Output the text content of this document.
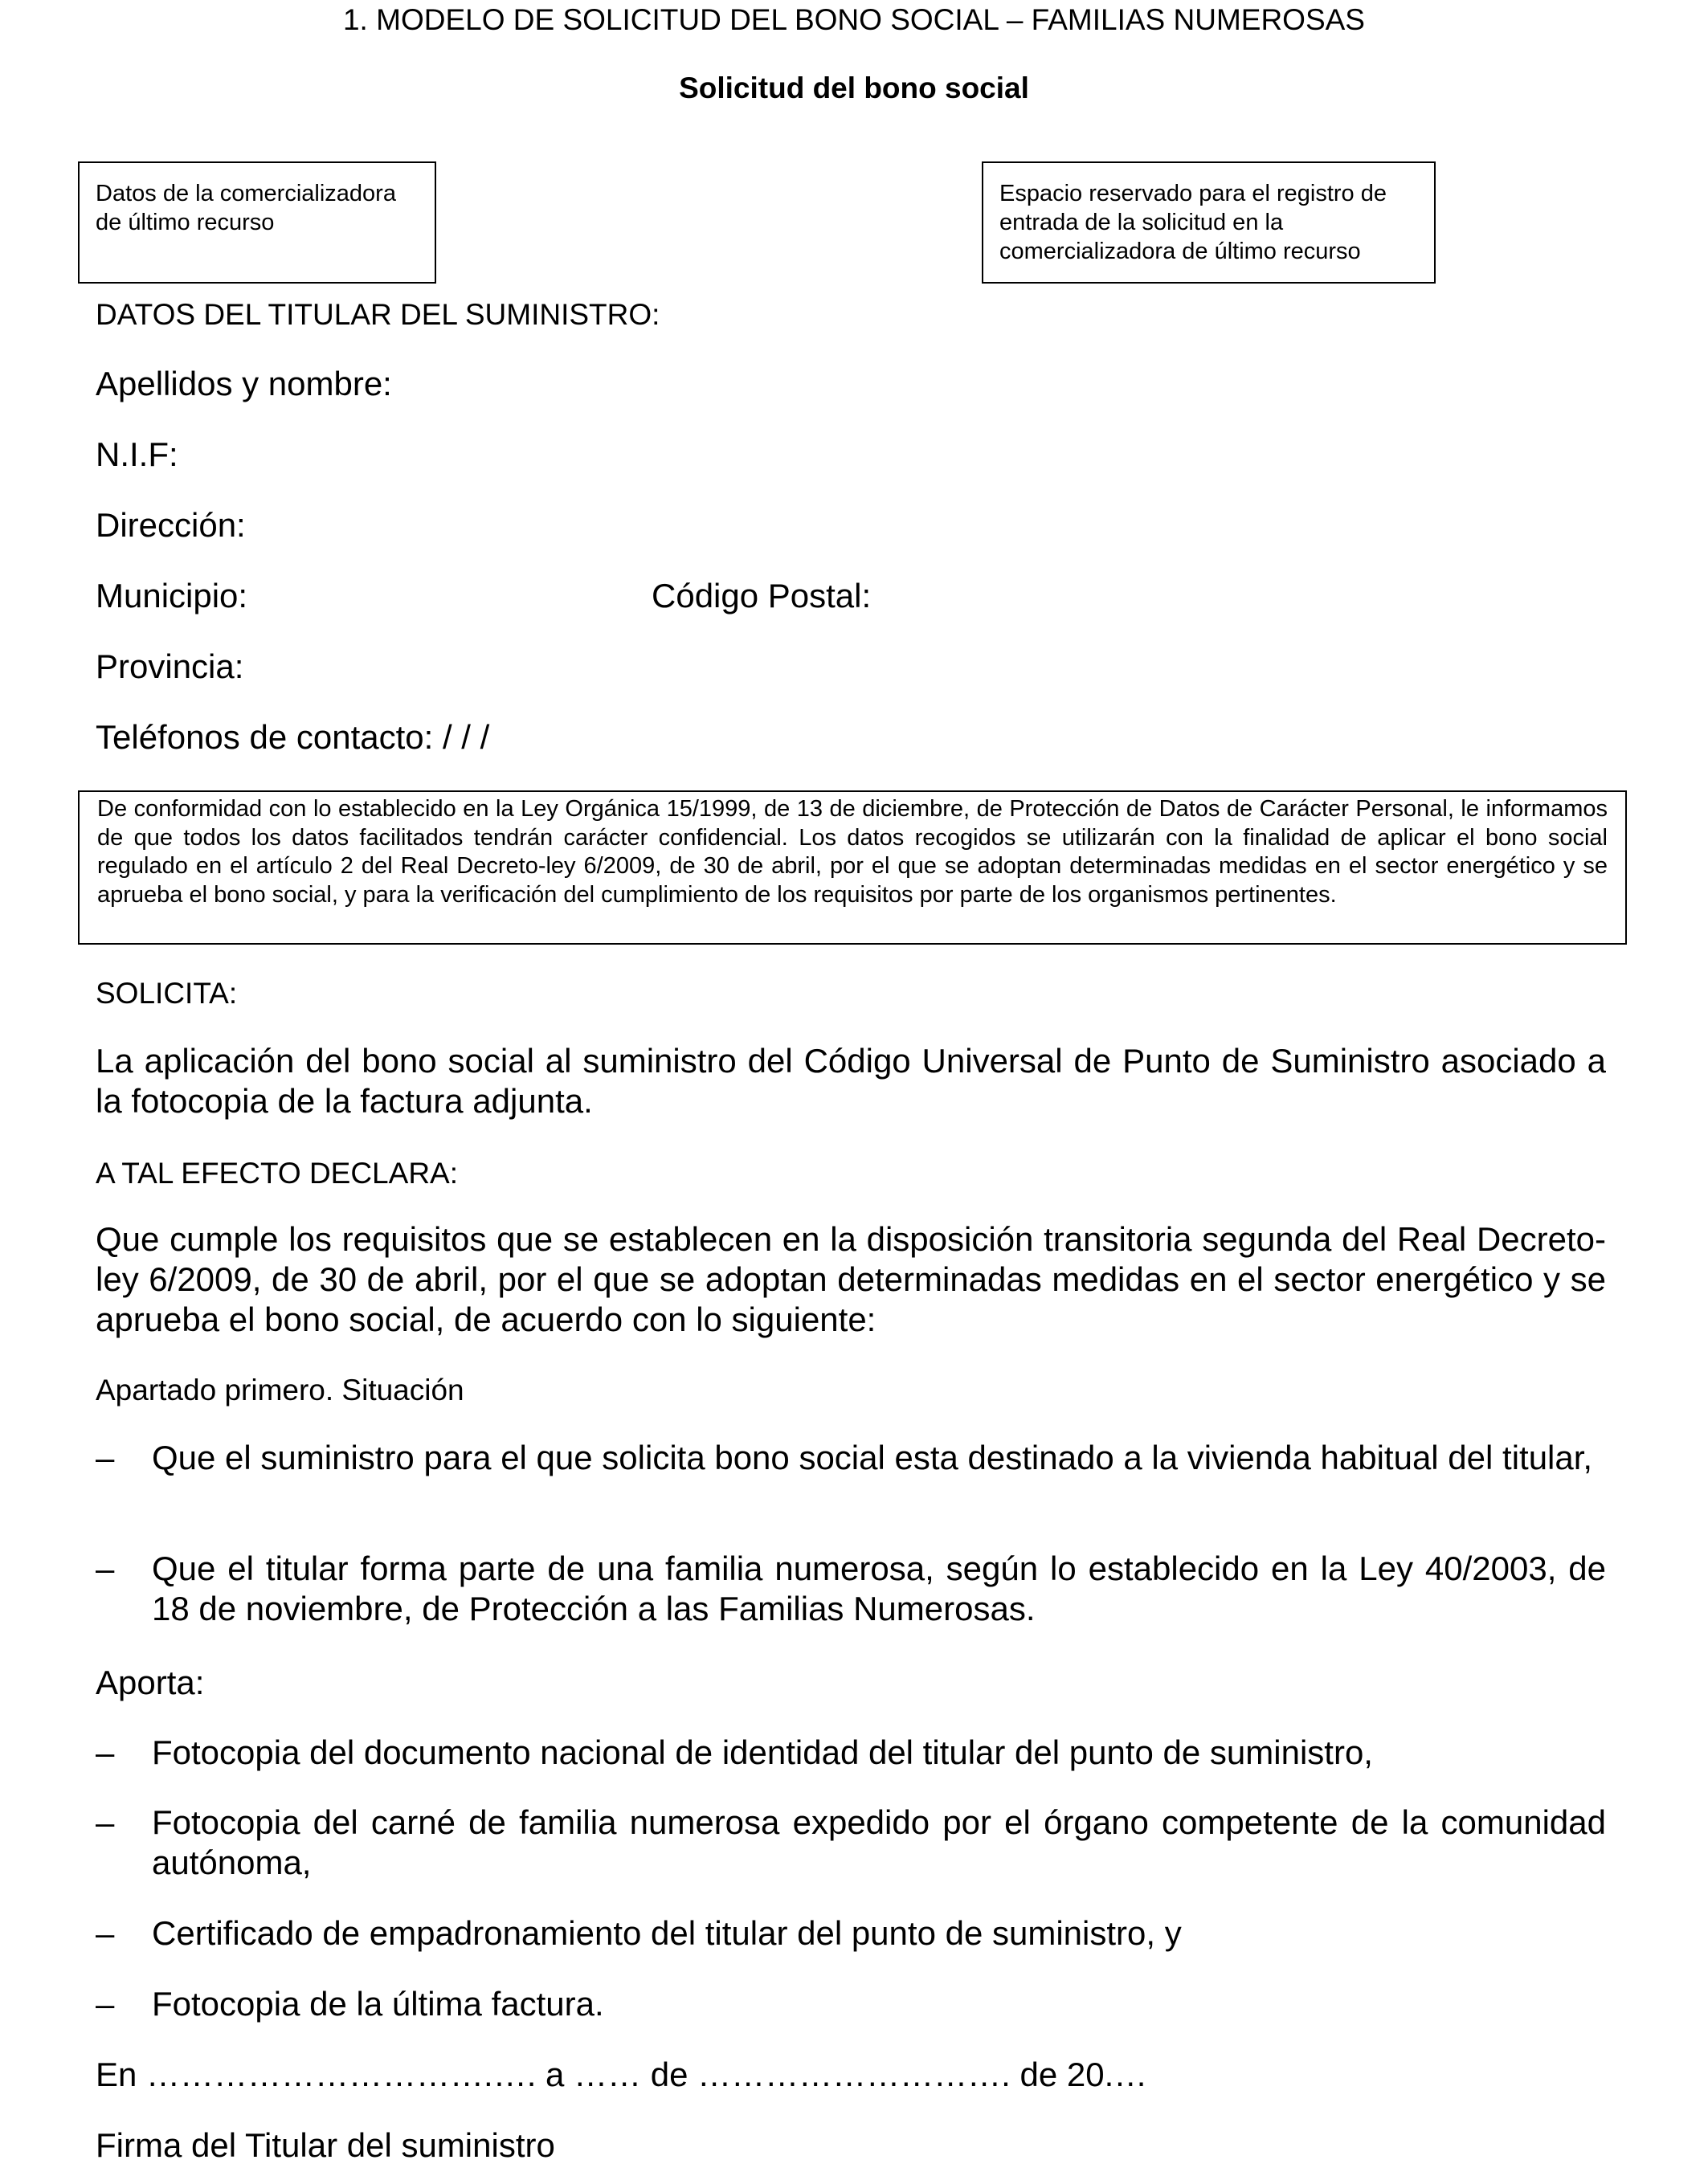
1. MODELO DE SOLICITUD DEL BONO SOCIAL – FAMILIAS NUMEROSAS
Solicitud del bono social
Datos de la comercializadora de último recurso
Espacio reservado para el registro de entrada de la solicitud en la comercializadora de último recurso
DATOS DEL TITULAR DEL SUMINISTRO:
Apellidos y nombre:
N.I.F:
Dirección:
Municipio:	Código Postal:
Provincia:
Teléfonos de contacto: / / /
De conformidad con lo establecido en la Ley Orgánica 15/1999, de 13 de diciembre, de Protección de Datos de Carácter Personal, le informamos de que todos los datos facilitados tendrán carácter confidencial. Los datos recogidos se utilizarán con la finalidad de aplicar el bono social regulado en el artículo 2 del Real Decreto-ley 6/2009, de 30 de abril, por el que se adoptan determinadas medidas en el sector energético y se aprueba el bono social, y para la verificación del cumplimiento de los requisitos por parte de los organismos pertinentes.
SOLICITA:
La aplicación del bono social al suministro del Código Universal de Punto de Suministro asociado a la fotocopia de la factura adjunta.
A TAL EFECTO DECLARA:
Que cumple los requisitos que se establecen en la disposición transitoria segunda del Real Decreto-ley 6/2009, de 30 de abril, por el que se adoptan determinadas medidas en el sector energético y se aprueba el bono social, de acuerdo con lo siguiente:
Apartado primero. Situación
–	Que el suministro para el que solicita bono social esta destinado a la vivienda habitual del titular,
–	Que el titular forma parte de una familia numerosa, según lo establecido en la Ley 40/2003, de 18 de noviembre, de Protección a las Familias Numerosas.
Aporta:
–	Fotocopia del documento nacional de identidad del titular del punto de suministro,
–	Fotocopia del carné de familia numerosa expedido por el órgano competente de la comunidad autónoma,
–	Certificado de empadronamiento del titular del punto de suministro, y
–	Fotocopia de la última factura.
En ………………………….…. a …… de ………………………. de 20.…
Firma del Titular del suministro
